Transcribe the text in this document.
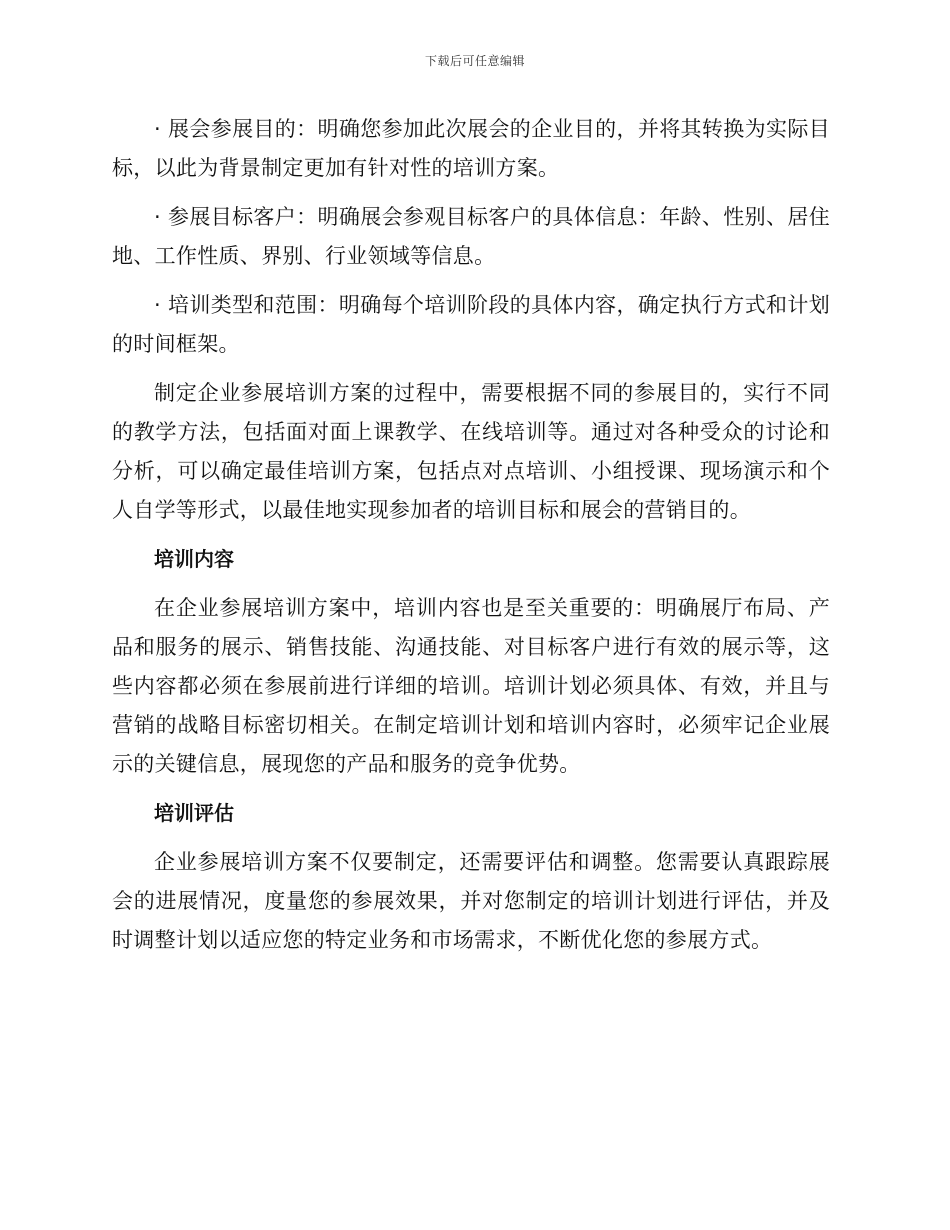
下载后可任意编辑

· 展会参展目的：明确您参加此次展会的企业目的，并将其转换为实际目标，以此为背景制定更加有针对性的培训方案。

· 参展目标客户：明确展会参观目标客户的具体信息：年龄、性别、居住地、工作性质、界别、行业领域等信息。

· 培训类型和范围：明确每个培训阶段的具体内容，确定执行方式和计划的时间框架。

制定企业参展培训方案的过程中，需要根据不同的参展目的，实行不同的教学方法，包括面对面上课教学、在线培训等。通过对各种受众的讨论和分析，可以确定最佳培训方案，包括点对点培训、小组授课、现场演示和个人自学等形式，以最佳地实现参加者的培训目标和展会的营销目的。

培训内容

在企业参展培训方案中，培训内容也是至关重要的：明确展厅布局、产品和服务的展示、销售技能、沟通技能、对目标客户进行有效的展示等，这些内容都必须在参展前进行详细的培训。培训计划必须具体、有效，并且与营销的战略目标密切相关。在制定培训计划和培训内容时，必须牢记企业展示的关键信息，展现您的产品和服务的竞争优势。

培训评估

企业参展培训方案不仅要制定，还需要评估和调整。您需要认真跟踪展会的进展情况，度量您的参展效果，并对您制定的培训计划进行评估，并及时调整计划以适应您的特定业务和市场需求，不断优化您的参展方式。
